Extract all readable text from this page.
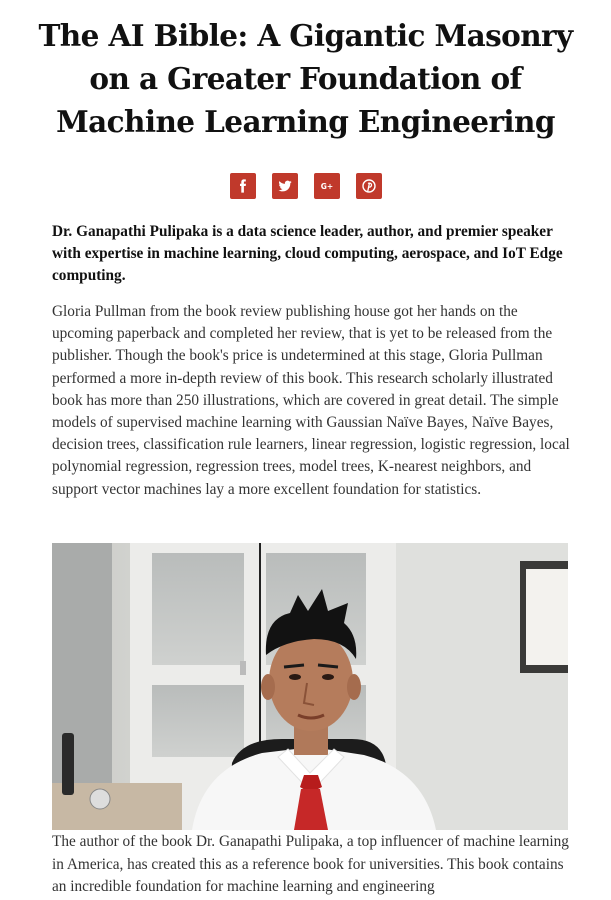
The AI Bible: A Gigantic Masonry on a Greater Foundation of Machine Learning Engineering
G+

Dr. Ganapathi Pulipaka is a data science leader, author, and premier speaker with expertise in machine learning, cloud computing, aerospace, and IoT Edge computing.

Gloria Pullman from the book review publishing house got her hands on the upcoming paperback and completed her review, that is yet to be released from the publisher. Though the book's price is undetermined at this stage, Gloria Pullman performed a more in-depth review of this book. This research scholarly illustrated book has more than 250 illustrations, which are covered in great detail. The simple models of supervised machine learning with Gaussian Naïve Bayes, Naïve Bayes, decision trees, classification rule learners, linear regression, logistic regression, local polynomial regression, regression trees, model trees, K-nearest neighbors, and support vector machines lay a more excellent foundation for statistics.

The author of the book Dr. Ganapathi Pulipaka, a top influencer of machine learning in America, has created this as a reference book for universities. This book contains an incredible foundation for machine learning and engineering
